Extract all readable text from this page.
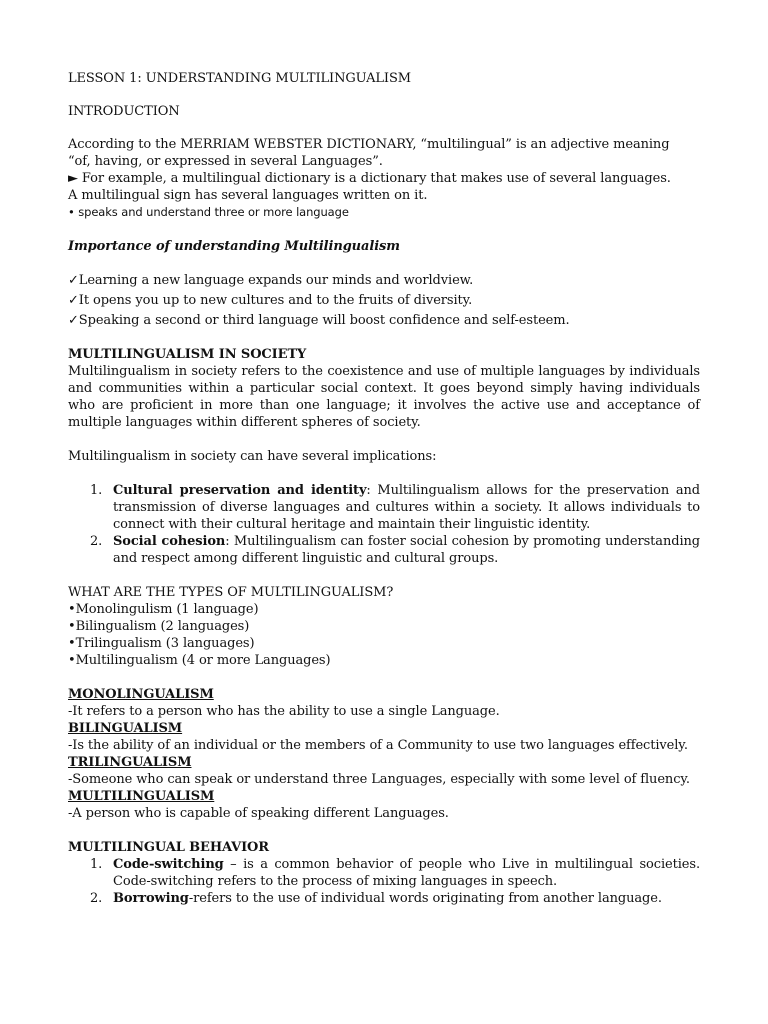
LESSON 1: UNDERSTANDING MULTILINGUALISM

INTRODUCTION

According to the MERRIAM WEBSTER DICTIONARY, “multilingual” is an adjective meaning

“of, having, or expressed in several Languages”.

► For example, a multilingual dictionary is a dictionary that makes use of several languages.

A multilingual sign has several languages written on it.

• speaks and understand three or more language

Importance of understanding Multilingualism

✓Learning a new language expands our minds and worldview.

✓It opens you up to new cultures and to the fruits of diversity.

✓Speaking a second or third language will boost confidence and self-esteem.

MULTILINGUALISM IN SOCIETY

Multilingualism in society refers to the coexistence and use of multiple languages by individuals and communities within a particular social context. It goes beyond simply having individuals who are proficient in more than one language; it involves the active use and acceptance of multiple languages within different spheres of society.

Multilingualism in society can have several implications:

1. Cultural preservation and identity: Multilingualism allows for the preservation and transmission of diverse languages and cultures within a society. It allows individuals to connect with their cultural heritage and maintain their linguistic identity.
2. Social cohesion: Multilingualism can foster social cohesion by promoting understanding and respect among different linguistic and cultural groups.

WHAT ARE THE TYPES OF MULTILINGUALISM?

•Monolingulism (1 language)

•Bilingualism (2 languages)

•Trilingualism (3 languages)

•Multilingualism (4 or more Languages)

MONOLINGUALISM

-It refers to a person who has the ability to use a single Language.

BILINGUALISM

-Is the ability of an individual or the members of a Community to use two languages effectively.

TRILINGUALISM

-Someone who can speak or understand three Languages, especially with some level of fluency.

MULTILINGUALISM

-A person who is capable of speaking different Languages.

MULTILINGUAL BEHAVIOR

1. Code-switching – is a common behavior of people who Live in multilingual societies. Code-switching refers to the process of mixing languages in speech.
2. Borrowing-refers to the use of individual words originating from another language.
